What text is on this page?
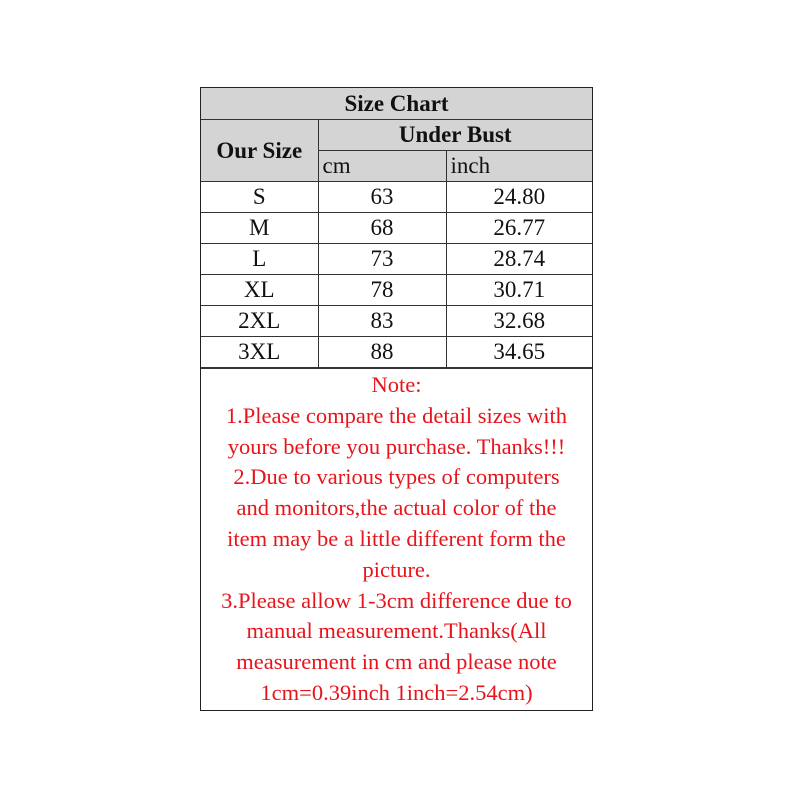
Size Chart		
Our Size	Under Bust	
	cm	inch
S	63	24.80
M	68	26.77
L	73	28.74
XL	78	30.71
2XL	83	32.68
3XL	88	34.65
Note:
1.Please compare the detail sizes with
yours before you purchase. Thanks!!!
2.Due to various types of computers
and monitors,the actual color of the
item may be a little different form the
picture.
3.Please allow 1-3cm difference due to
manual measurement.Thanks(All
measurement in cm and please note
1cm=0.39inch 1inch=2.54cm)
